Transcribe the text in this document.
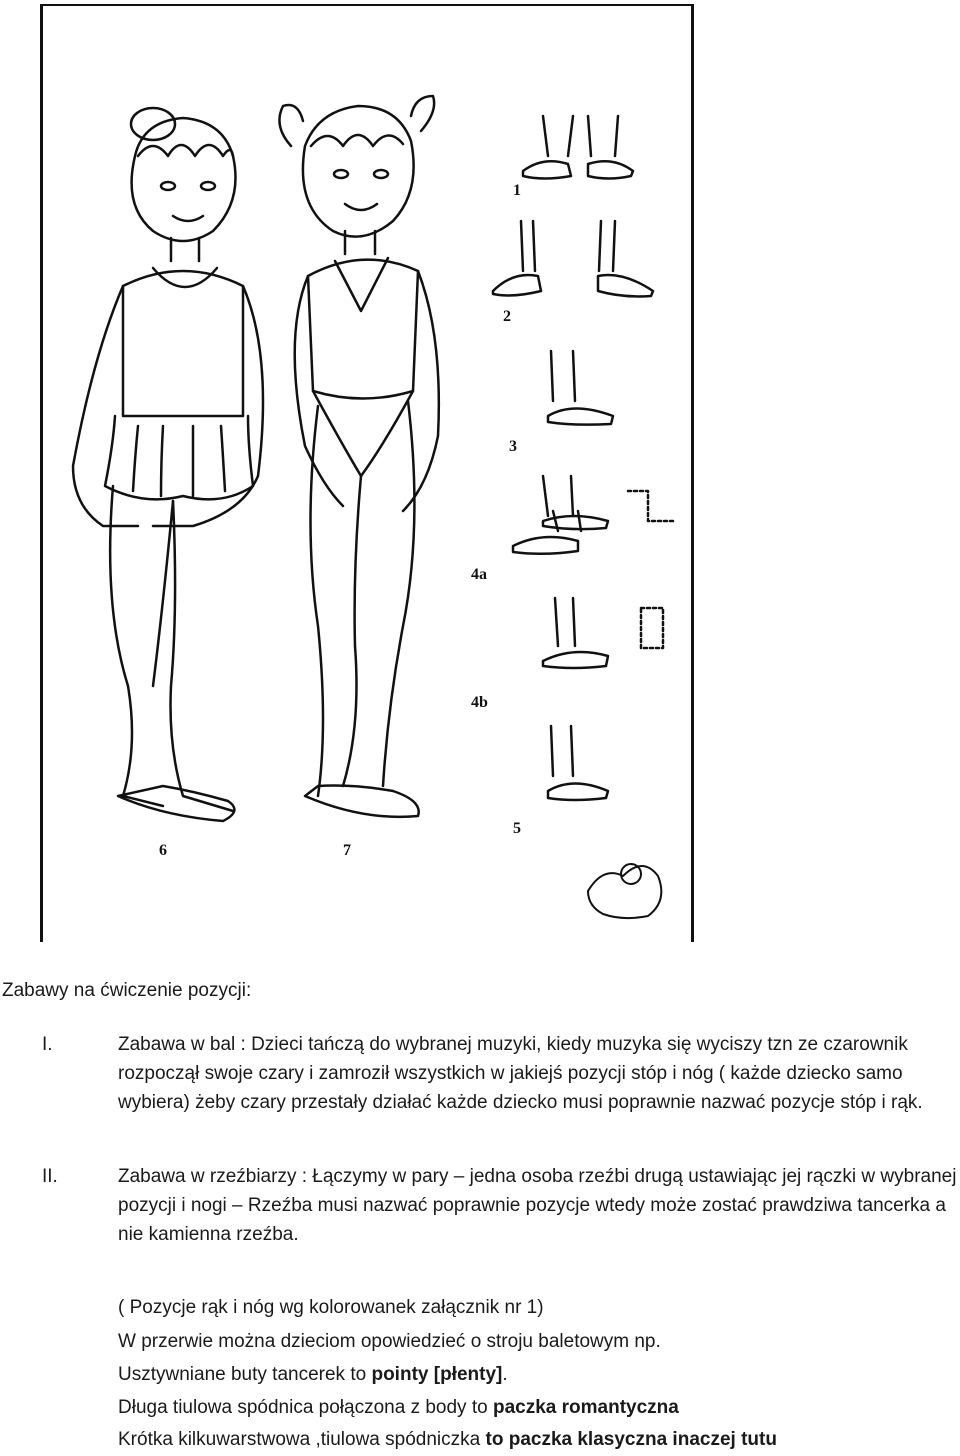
1
2
3
4a
4b
5
6	7
Zabawy na ćwiczenie pozycji:
I.	Zabawa w bal : Dzieci tańczą do wybranej muzyki, kiedy muzyka się wyciszy tzn ze czarownik rozpoczął swoje czary i zamroził wszystkich w jakiejś pozycji stóp i nóg ( każde dziecko samo wybiera) żeby czary przestały działać każde dziecko musi poprawnie nazwać pozycje stóp i rąk.
II.	Zabawa w rzeźbiarzy : Łączymy w pary – jedna osoba rzeźbi drugą ustawiając jej rączki w wybranej pozycji i nogi – Rzeźba musi nazwać poprawnie pozycje wtedy może zostać prawdziwa tancerka a nie kamienna rzeźba.
( Pozycje rąk i nóg wg kolorowanek załącznik nr 1)
W przerwie można dzieciom opowiedzieć o stroju baletowym np.
Usztywniane buty tancerek to pointy [płenty].
Długa tiulowa spódnica połączona z body to paczka romantyczna
Krótka kilkuwarstwowa ,tiulowa spódniczka to paczka klasyczna inaczej tutu
